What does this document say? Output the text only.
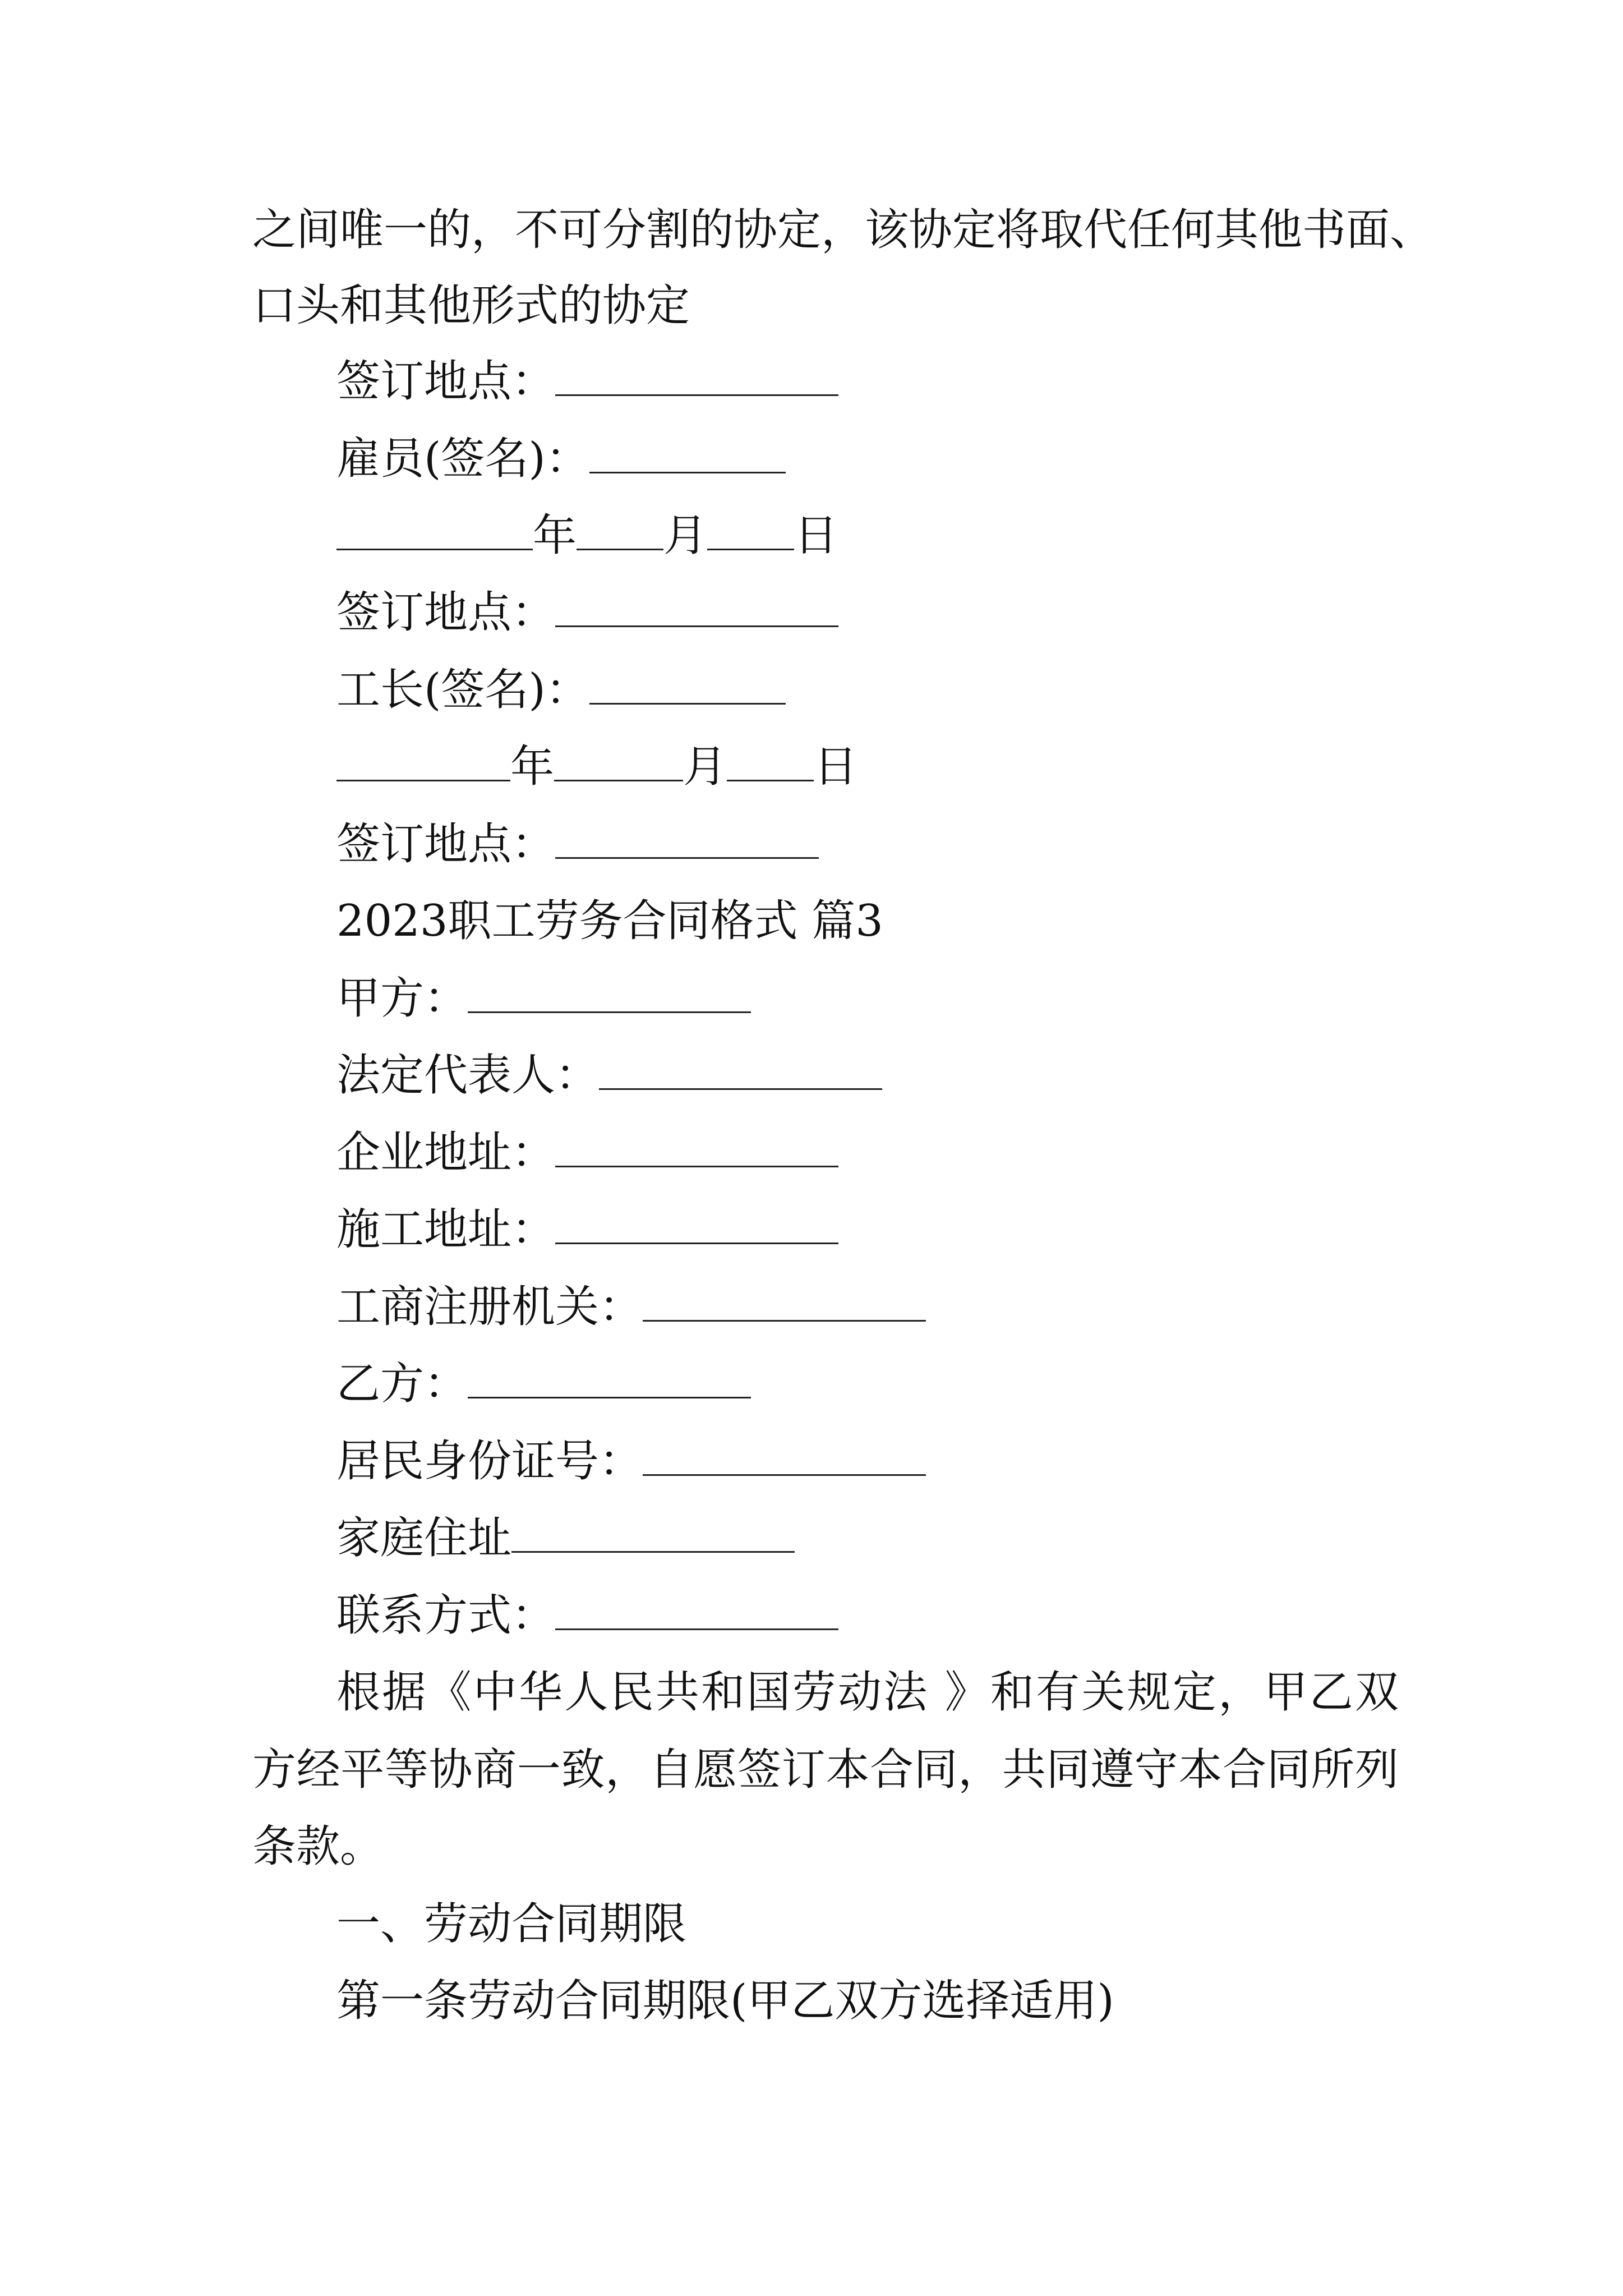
之间唯一的，不可分割的协定，该协定将取代任何其他书面、
口头和其他形式的协定
签订地点：
雇员(签名)：
年 月 日
签订地点：
工长(签名)：
年	月 日
签订地点：
2023职工劳务合同格式 篇3
甲方：
法定代表人：
企业地址：
施工地址：
工商注册机关：
乙方：
居民身份证号：
家庭住址
联系方式：
根据《中华人民共和国劳动法 》和有关规定，甲乙双
方经平等协商一致，自愿签订本合同，共同遵守本合同所列
条款。
一、劳动合同期限
第一条劳动合同期限(甲乙双方选择适用)
